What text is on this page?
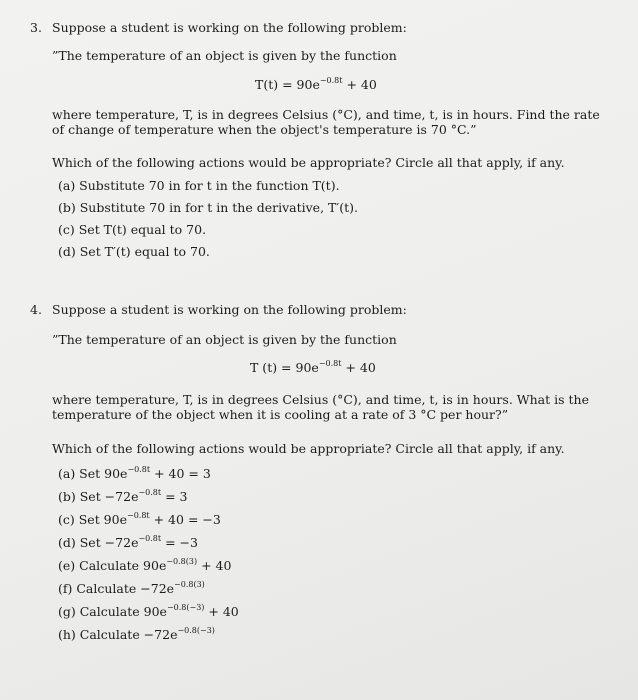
3. Suppose a student is working on the following problem:
”The temperature of an object is given by the function
$T(t) = 90e^{-0.8t} + 40$
where temperature, T, is in degrees Celsius (°C), and time, t, is in hours. Find the rate
of change of temperature when the object's temperature is 70 °C.”
Which of the following actions would be appropriate? Circle all that apply, if any.
(a) Substitute 70 in for t in the function T(t).
(b) Substitute 70 in for t in the derivative, T′(t).
(c) Set T(t) equal to 70.
(d) Set T′(t) equal to 70.
4. Suppose a student is working on the following problem:
”The temperature of an object is given by the function
T $(t) = 90e^{-0.8t} + 40$
where temperature, T, is in degrees Celsius (°C), and time, t, is in hours. What is the
temperature of the object when it is cooling at a rate of 3 °C per hour?”
Which of the following actions would be appropriate? Circle all that apply, if any.
(a) Set $90e^{-0.8t} + 40 = 3$
(b) Set $-72e^{-0.8t} = 3$
(c) Set $90e^{-0.8t} + 40 = -3$
(d) Set $-72e^{-0.8t} = -3$
(e) Calculate $90e^{-0.8(3)} + 40$
(f) Calculate $-72e^{-0.8(3)}$
(g) Calculate $90e^{-0.8(-3)} + 40$
(h) Calculate $-72e^{-0.8(-3)}$
